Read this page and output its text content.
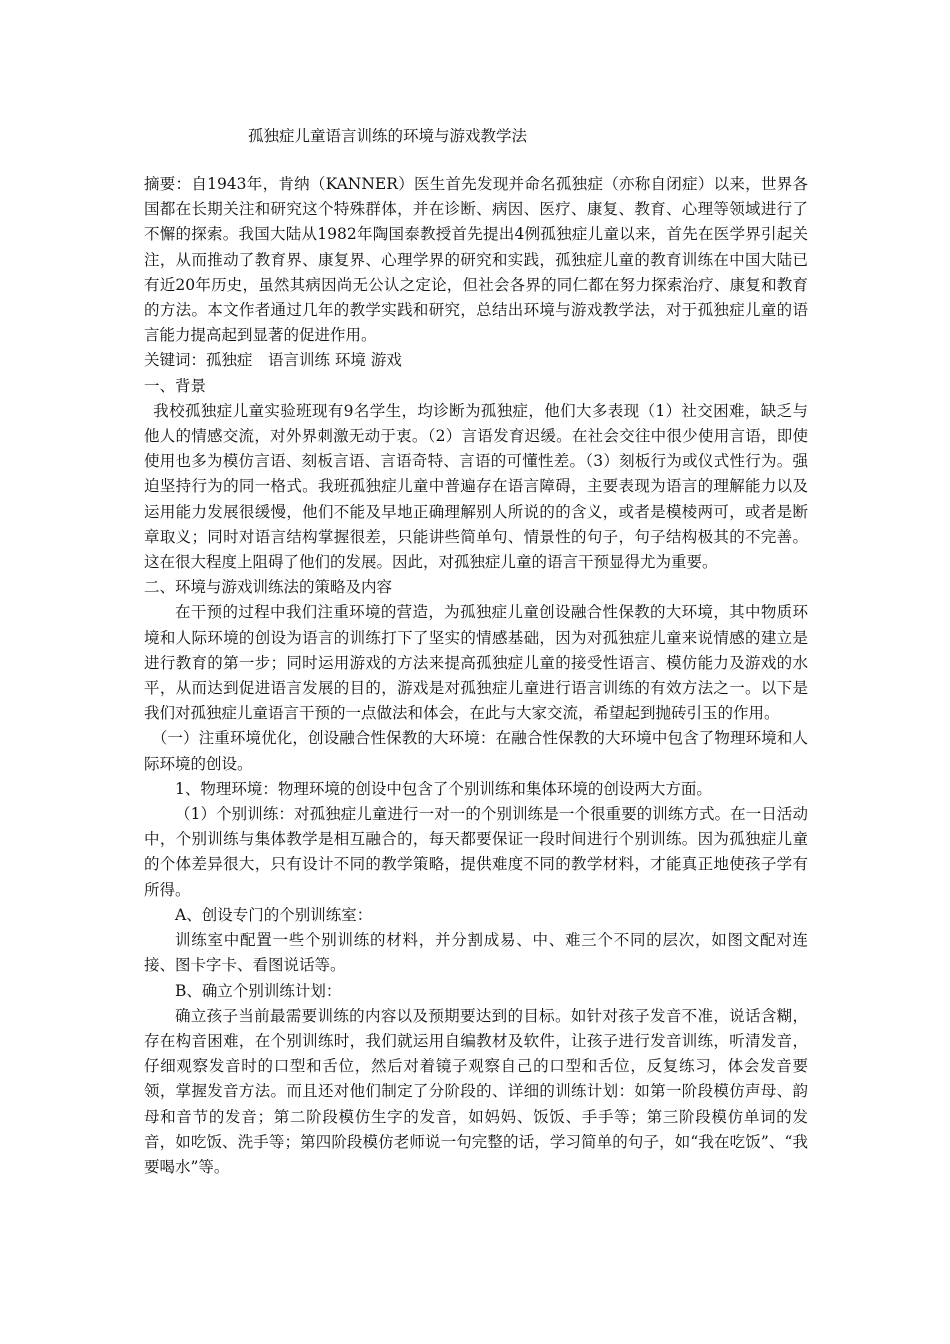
孤独症儿童语言训练的环境与游戏教学法

摘要：自1943年，肯纳（KANNER）医生首先发现并命名孤独症（亦称自闭症）以来，世界各国都在长期关注和研究这个特殊群体，并在诊断、病因、医疗、康复、教育、心理等领域进行了不懈的探索。我国大陆从1982年陶国泰教授首先提出4例孤独症儿童以来，首先在医学界引起关注，从而推动了教育界、康复界、心理学界的研究和实践，孤独症儿童的教育训练在中国大陆已有近20年历史，虽然其病因尚无公认之定论，但社会各界的同仁都在努力探索治疗、康复和教育的方法。本文作者通过几年的教学实践和研究，总结出环境与游戏教学法，对于孤独症儿童的语言能力提高起到显著的促进作用。

关键词：孤独症　语言训练 环境 游戏

一、背景

我校孤独症儿童实验班现有9名学生，均诊断为孤独症，他们大多表现（1）社交困难，缺乏与他人的情感交流，对外界刺激无动于衷。（2）言语发育迟缓。在社会交往中很少使用言语，即使使用也多为模仿言语、刻板言语、言语奇特、言语的可懂性差。（3）刻板行为或仪式性行为。强迫坚持行为的同一格式。我班孤独症儿童中普遍存在语言障碍，主要表现为语言的理解能力以及运用能力发展很缓慢，他们不能及早地正确理解别人所说的的含义，或者是模棱两可，或者是断章取义；同时对语言结构掌握很差，只能讲些简单句、情景性的句子，句子结构极其的不完善。这在很大程度上阻碍了他们的发展。因此，对孤独症儿童的语言干预显得尤为重要。

二、环境与游戏训练法的策略及内容

在干预的过程中我们注重环境的营造，为孤独症儿童创设融合性保教的大环境，其中物质环境和人际环境的创设为语言的训练打下了坚实的情感基础，因为对孤独症儿童来说情感的建立是进行教育的第一步；同时运用游戏的方法来提高孤独症儿童的接受性语言、模仿能力及游戏的水平，从而达到促进语言发展的目的，游戏是对孤独症儿童进行语言训练的有效方法之一。以下是我们对孤独症儿童语言干预的一点做法和体会，在此与大家交流，希望起到抛砖引玉的作用。

（一）注重环境优化，创设融合性保教的大环境：在融合性保教的大环境中包含了物理环境和人际环境的创设。

1、物理环境：物理环境的创设中包含了个别训练和集体环境的创设两大方面。

（1）个别训练：对孤独症儿童进行一对一的个别训练是一个很重要的训练方式。在一日活动中，个别训练与集体教学是相互融合的，每天都要保证一段时间进行个别训练。因为孤独症儿童的个体差异很大，只有设计不同的教学策略，提供难度不同的教学材料，才能真正地使孩子学有所得。

A、创设专门的个别训练室：

训练室中配置一些个别训练的材料，并分割成易、中、难三个不同的层次，如图文配对连接、图卡字卡、看图说话等。

B、确立个别训练计划：

确立孩子当前最需要训练的内容以及预期要达到的目标。如针对孩子发音不准，说话含糊，存在构音困难，在个别训练时，我们就运用自编教材及软件，让孩子进行发音训练，听清发音，仔细观察发音时的口型和舌位，然后对着镜子观察自己的口型和舌位，反复练习，体会发音要领，掌握发音方法。而且还对他们制定了分阶段的、详细的训练计划：如第一阶段模仿声母、韵母和音节的发音；第二阶段模仿生字的发音，如妈妈、饭饭、手手等；第三阶段模仿单词的发音，如吃饭、洗手等；第四阶段模仿老师说一句完整的话，学习简单的句子，如“我在吃饭”、“我要喝水”等。
